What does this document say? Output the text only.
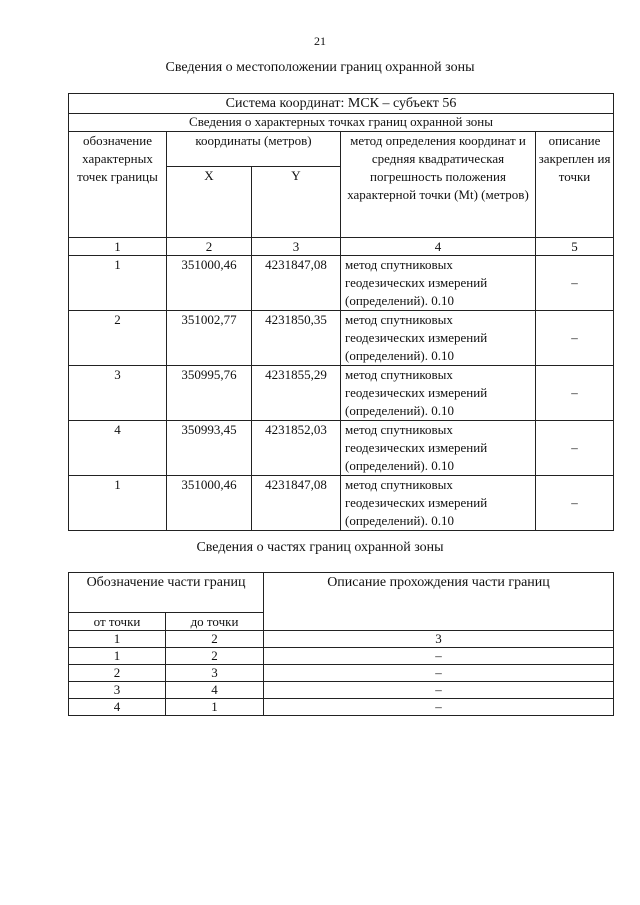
21
Сведения о местоположении границ охранной зоны
Система координат: МСК – субъект 56				
Сведения о характерных точках границ охранной зоны				
обозначение характерных точек границы	координаты (метров)		метод определения координат и средняя квадратическая погрешность положения характерной точки (Mt) (метров)	описание закреплен ия точки
	X	Y		
1	2	3	4	5
1	351000,46	4231847,08	метод спутниковых геодезических измерений (определений). 0.10	–
2	351002,77	4231850,35	метод спутниковых геодезических измерений (определений). 0.10	–
3	350995,76	4231855,29	метод спутниковых геодезических измерений (определений). 0.10	–
4	350993,45	4231852,03	метод спутниковых геодезических измерений (определений). 0.10	–
1	351000,46	4231847,08	метод спутниковых геодезических измерений (определений). 0.10	–
Сведения о частях границ охранной зоны
Обозначение части границ		Описание прохождения части границ
от точки	до точки	
1	2	3
1	2	–
2	3	–
3	4	–
4	1	–
